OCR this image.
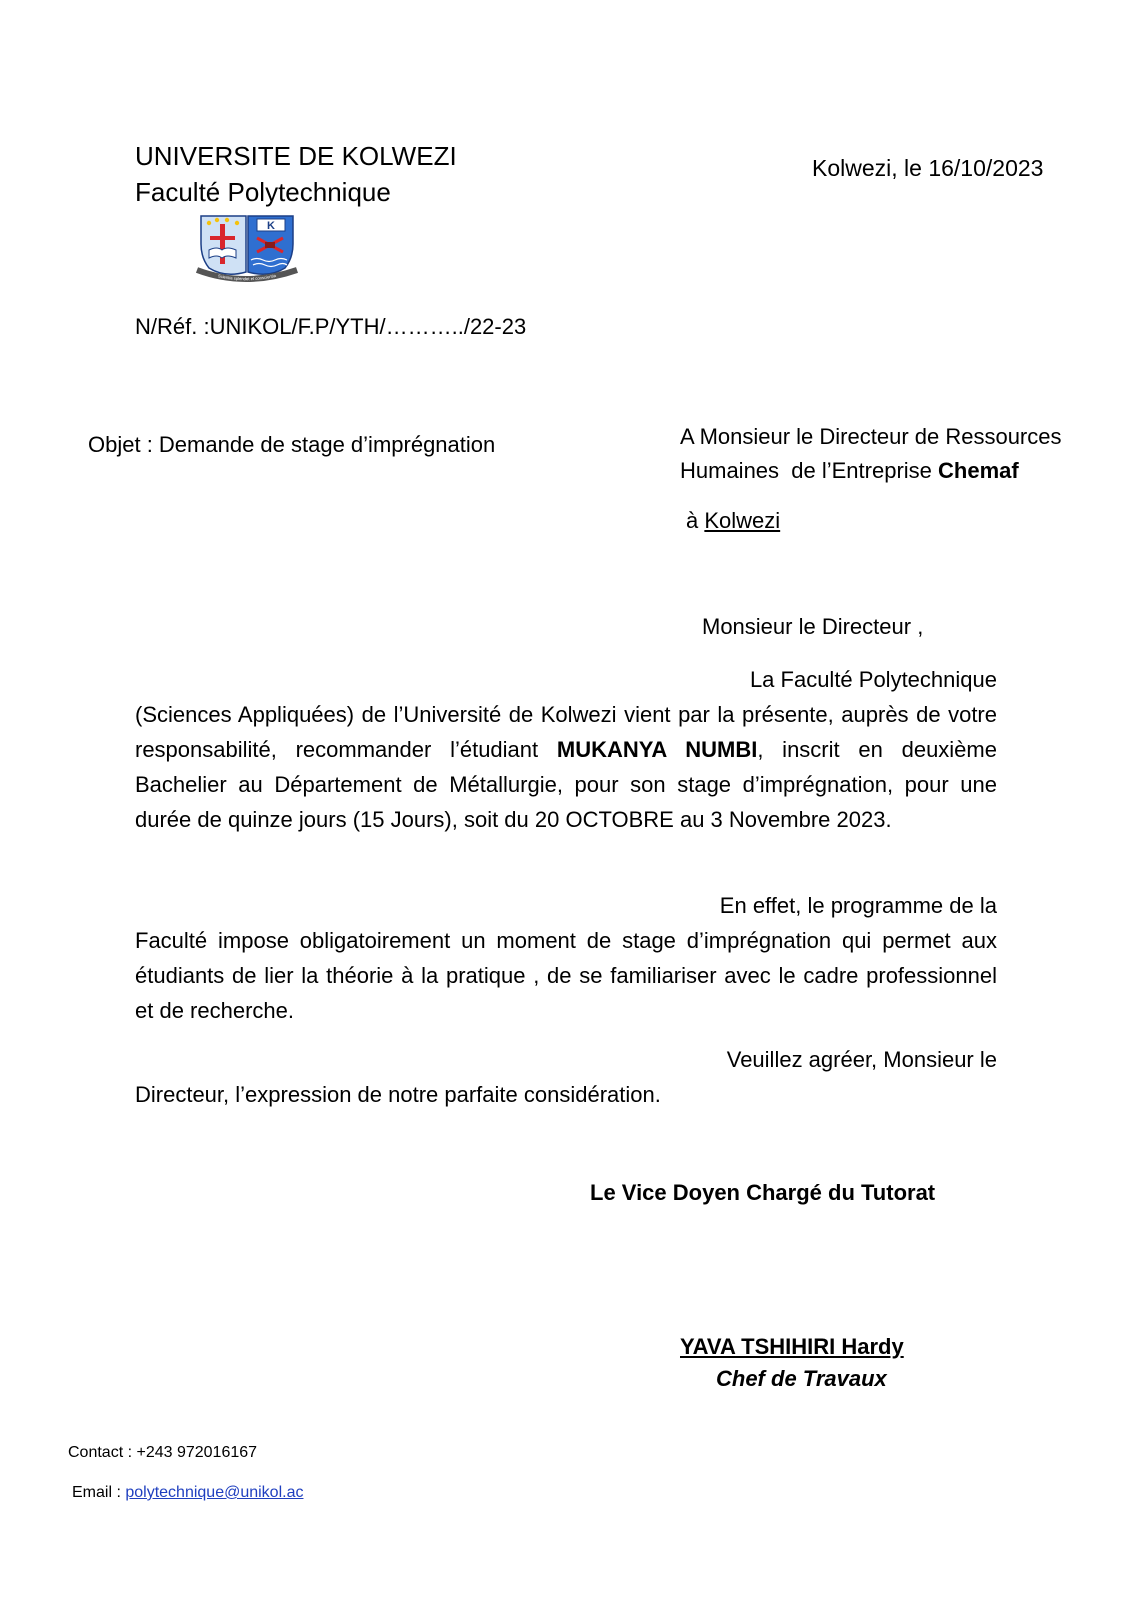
UNIVERSITE DE KOLWEZI
Faculté Polytechnique
Kolwezi, le 16/10/2023
K
Scientia splendet et conscientia
N/Réf. :UNIKOL/F.P/YTH/………../22-23
Objet : Demande de stage d’imprégnation	A Monsieur le Directeur de Ressources
Humaines  de l’Entreprise Chemaf
à Kolwezi
Monsieur le Directeur ,
La Faculté Polytechnique
(Sciences Appliquées) de l’Université de Kolwezi vient par la présente, auprès de votre responsabilité, recommander l’étudiant MUKANYA NUMBI, inscrit en deuxième Bachelier au Département de Métallurgie, pour son stage d’imprégnation, pour une durée de quinze jours (15 Jours), soit du 20 OCTOBRE au 3 Novembre 2023.
En effet, le programme de la
Faculté impose obligatoirement un moment de stage d’imprégnation qui permet aux étudiants de lier la théorie à la pratique , de se familiariser avec le cadre professionnel et de recherche.
Veuillez agréer, Monsieur le
Directeur, l’expression de notre parfaite considération.
Le Vice Doyen Chargé du Tutorat
YAVA TSHIHIRI Hardy
Chef de Travaux
Contact : +243 972016167
Email : polytechnique@unikol.ac
